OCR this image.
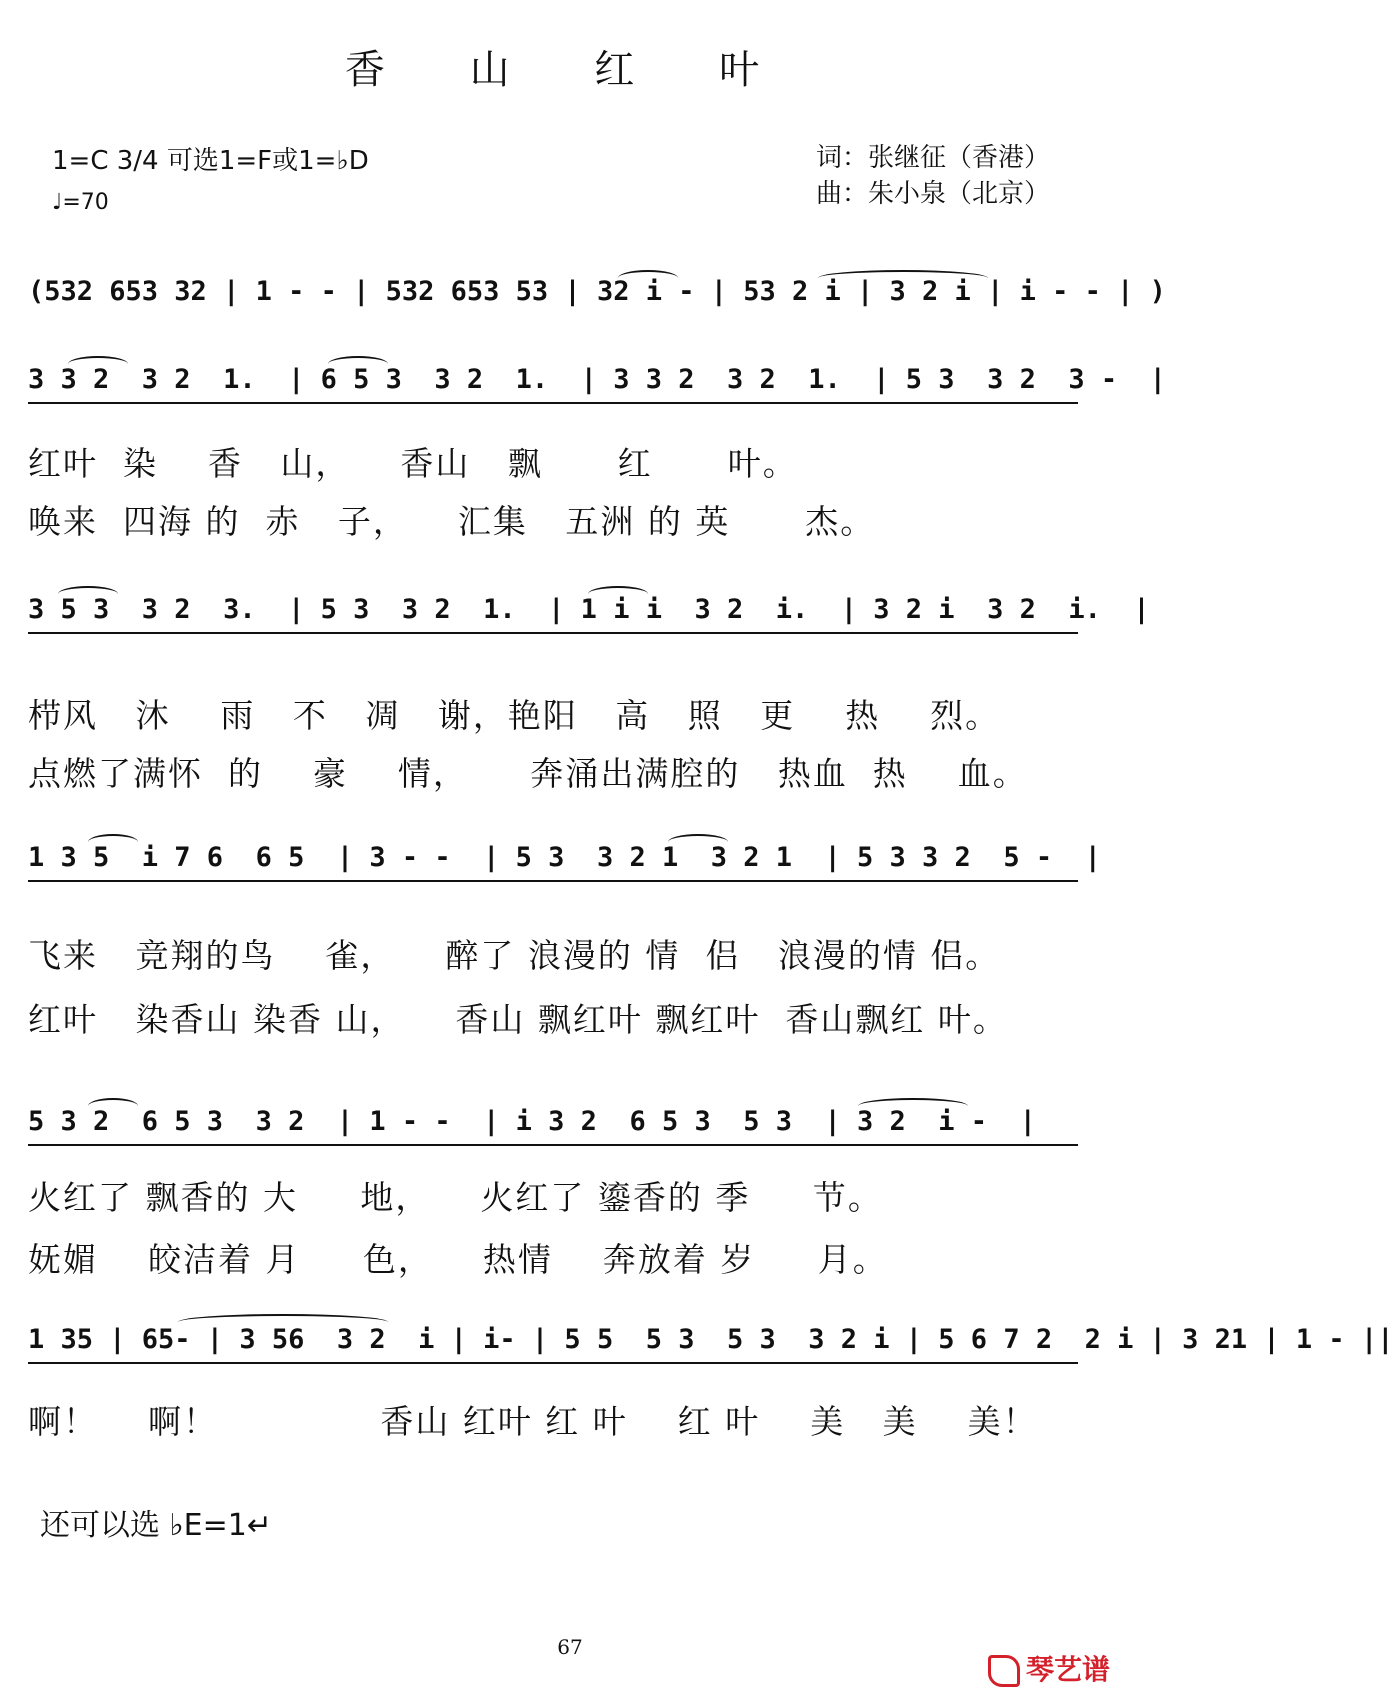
香 山 红 叶
1=C 3/4 可选1=F或1=♭D
♩=70
词：张继征（香港）
曲：朱小泉（北京）

(532 653 32 | 1 - - | 532 653 53 | 32 i - | 53 2 i | 3 2 i | i - - | )

3 3 2  3 2  1.  | 6 5 3  3 2  1.  | 3 3 2  3 2  1.  | 5 3  3 2  3 -  |

红叶  染    香   山，    香山   飘      红      叶。
唤来  四海 的  赤   子，    汇集   五洲 的 英      杰。

3 5 3  3 2  3.  | 5 3  3 2  1.  | 1 i i  3 2  i.  | 3 2 i  3 2  i.  |

栉风   沐    雨   不   凋   谢，艳阳   高   照   更    热    烈。
点燃了满怀  的    豪    情，     奔涌出满腔的   热血  热    血。

1 3 5  i 7 6  6 5  | 3 - -  | 5 3  3 2 1  3 2 1  | 5 3 3 2  5 -  |

飞来   竞翔的鸟    雀，    醉了 浪漫的 情  侣   浪漫的情 侣。
红叶   染香山 染香 山，    香山 飘红叶 飘红叶  香山飘红 叶。

5 3 2  6 5 3  3 2  | 1 - -  | i 3 2  6 5 3  5 3  | 3 2  i -  |

火红了 飘香的 大     地，    火红了 鎏香的 季     节。
妩媚    皎洁着 月     色，    热情    奔放着 岁     月。

1 35 | 65- | 3 56  3 2  i | i- | 5 5  5 3  5 3  3 2 i | 5 6 7 2  2 i | 3 21 | 1 - ||

啊！    啊！             香山 红叶 红 叶    红 叶    美   美    美！
还可以选 ♭E=1↵
67
琴艺谱
